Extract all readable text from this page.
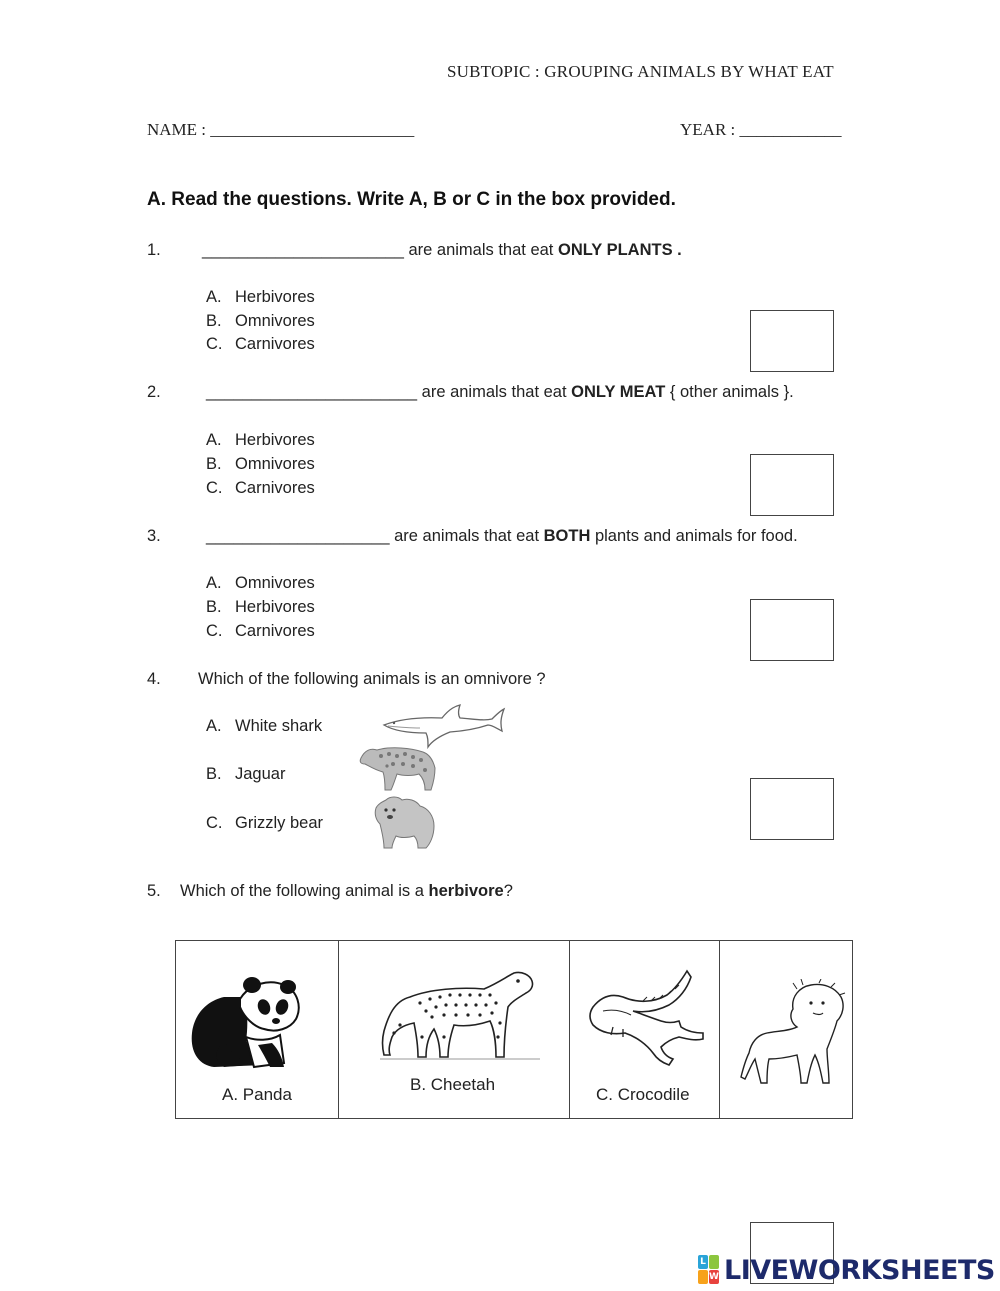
SUBTOPIC : GROUPING ANIMALS BY WHAT EAT
NAME : ________________________	YEAR : ____________
A. Read the questions. Write A, B or C in the box provided.
1. ______________________ are animals that eat ONLY PLANTS .
A. Herbivores
B. Omnivores
C. Carnivores
2.	_______________________ are animals that eat ONLY MEAT { other animals }.
A. Herbivores
B. Omnivores
C. Carnivores
3.	____________________ are animals that eat BOTH plants and animals for food.
A. Omnivores
B. Herbivores
C. Carnivores
4. Which of the following animals is an omnivore ?
A. White shark
B. Jaguar
C. Grizzly bear
5. Which of the following animal is a herbivore?
A. Panda
B. Cheetah
C. Crocodile
L
W LIVEWORKSHEETS
